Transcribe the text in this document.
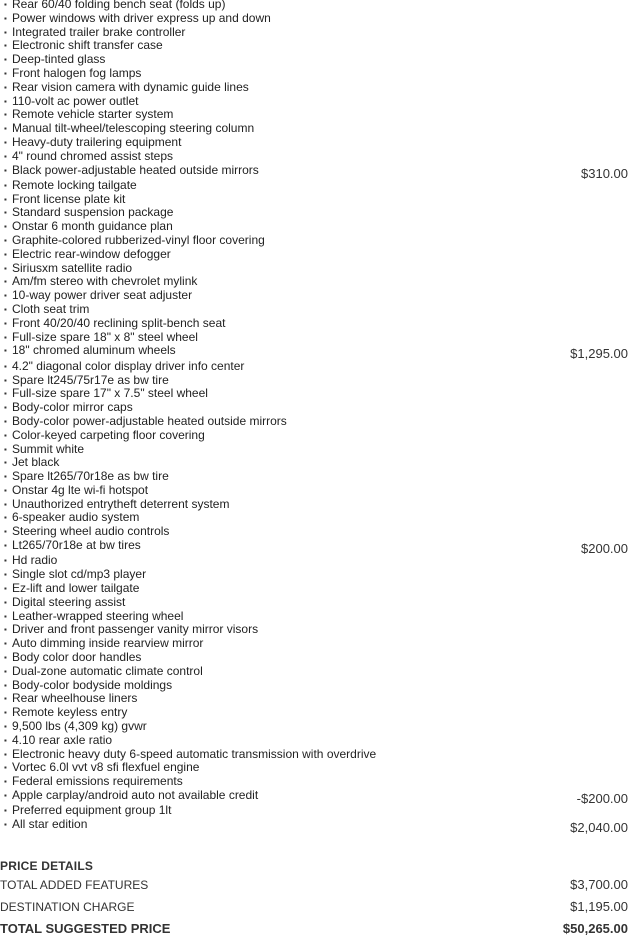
▪ Rear 60/40 folding bench seat (folds up)
▪ Power windows with driver express up and down
▪ Integrated trailer brake controller
▪ Electronic shift transfer case
▪ Deep-tinted glass
▪ Front halogen fog lamps
▪ Rear vision camera with dynamic guide lines
▪ 110-volt ac power outlet
▪ Remote vehicle starter system
▪ Manual tilt-wheel/telescoping steering column
▪ Heavy-duty trailering equipment
▪ 4" round chromed assist steps
▪ Black power-adjustable heated outside mirrors	$310.00
▪ Remote locking tailgate
▪ Front license plate kit
▪ Standard suspension package
▪ Onstar 6 month guidance plan
▪ Graphite-colored rubberized-vinyl floor covering
▪ Electric rear-window defogger
▪ Siriusxm satellite radio
▪ Am/fm stereo with chevrolet mylink
▪ 10-way power driver seat adjuster
▪ Cloth seat trim
▪ Front 40/20/40 reclining split-bench seat
▪ Full-size spare 18" x 8" steel wheel
▪ 18" chromed aluminum wheels	$1,295.00
▪ 4.2" diagonal color display driver info center
▪ Spare lt245/75r17e as bw tire
▪ Full-size spare 17" x 7.5" steel wheel
▪ Body-color mirror caps
▪ Body-color power-adjustable heated outside mirrors
▪ Color-keyed carpeting floor covering
▪ Summit white
▪ Jet black
▪ Spare lt265/70r18e as bw tire
▪ Onstar 4g lte wi-fi hotspot
▪ Unauthorized entrytheft deterrent system
▪ 6-speaker audio system
▪ Steering wheel audio controls
▪ Lt265/70r18e at bw tires	$200.00
▪ Hd radio
▪ Single slot cd/mp3 player
▪ Ez-lift and lower tailgate
▪ Digital steering assist
▪ Leather-wrapped steering wheel
▪ Driver and front passenger vanity mirror visors
▪ Auto dimming inside rearview mirror
▪ Body color door handles
▪ Dual-zone automatic climate control
▪ Body-color bodyside moldings
▪ Rear wheelhouse liners
▪ Remote keyless entry
▪ 9,500 lbs (4,309 kg) gvwr
▪ 4.10 rear axle ratio
▪ Electronic heavy duty 6-speed automatic transmission with overdrive
▪ Vortec 6.0l vvt v8 sfi flexfuel engine
▪ Federal emissions requirements
▪ Apple carplay/android auto not available credit	-$200.00
▪ Preferred equipment group 1lt
▪ All star edition	$2,040.00
PRICE DETAILS
TOTAL ADDED FEATURES	$3,700.00
DESTINATION CHARGE	$1,195.00
TOTAL SUGGESTED PRICE	$50,265.00
